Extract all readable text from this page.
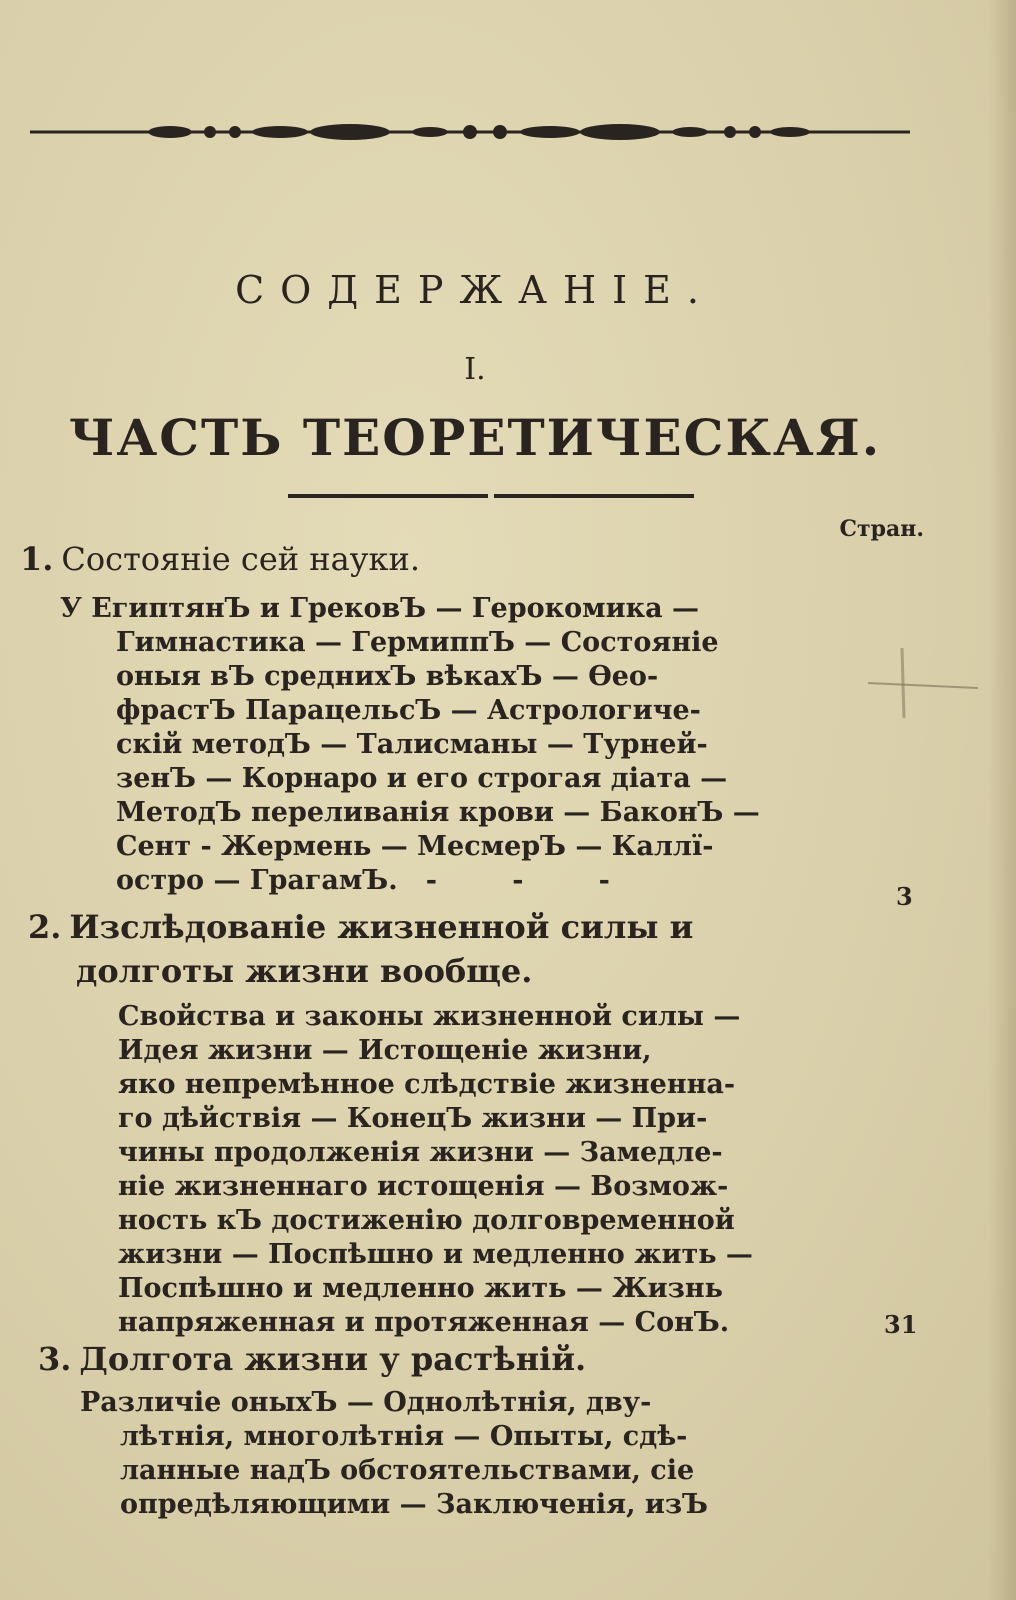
СОДЕРЖАНІЕ.
I.
ЧАСТЬ ТЕОРЕТИЧЕСКАЯ.
Стран.
1. Состояніе сей науки.
У ЕгиптянЪ и ГрековЪ — Герокомика —
Гимнастика — ГермиппЪ — Состояніе
оныя вЪ среднихЪ вѣкахЪ — Ѳео-
фрастЪ ПарацельсЪ — Астрологиче-
скій методЪ — Талисманы — Турней-
зенЪ — Корнаро и его строгая діата —
МетодЪ переливанія крови — БаконЪ —
Сент - Жермень — МесмерЪ — Каллї-
остро — ГрагамЪ.   -        -        -
3
2. Изслѣдованіе жизненной силы и
долготы жизни вообще.
Свойства и законы жизненной силы —
Идея жизни — Истощеніе жизни,
яко непремѣнное слѣдствіе жизненна-
го дѣйствія — КонецЪ жизни — При-
чины продолженія жизни — Замедле-
ніе жизненнаго истощенія — Возмож-
ность кЪ достиженію долговременной
жизни — Поспѣшно и медленно жить —
Поспѣшно и медленно жить — Жизнь
напряженная и протяженная — СонЪ.	31
3. Долгота жизни у растѣній.
Различіе оныхЪ — Однолѣтнія, дву-
лѣтнія, многолѣтнія — Опыты, сдѣ-
ланные надЪ обстоятельствами, сіе
опредѣляющими — Заключенія, изЪ
